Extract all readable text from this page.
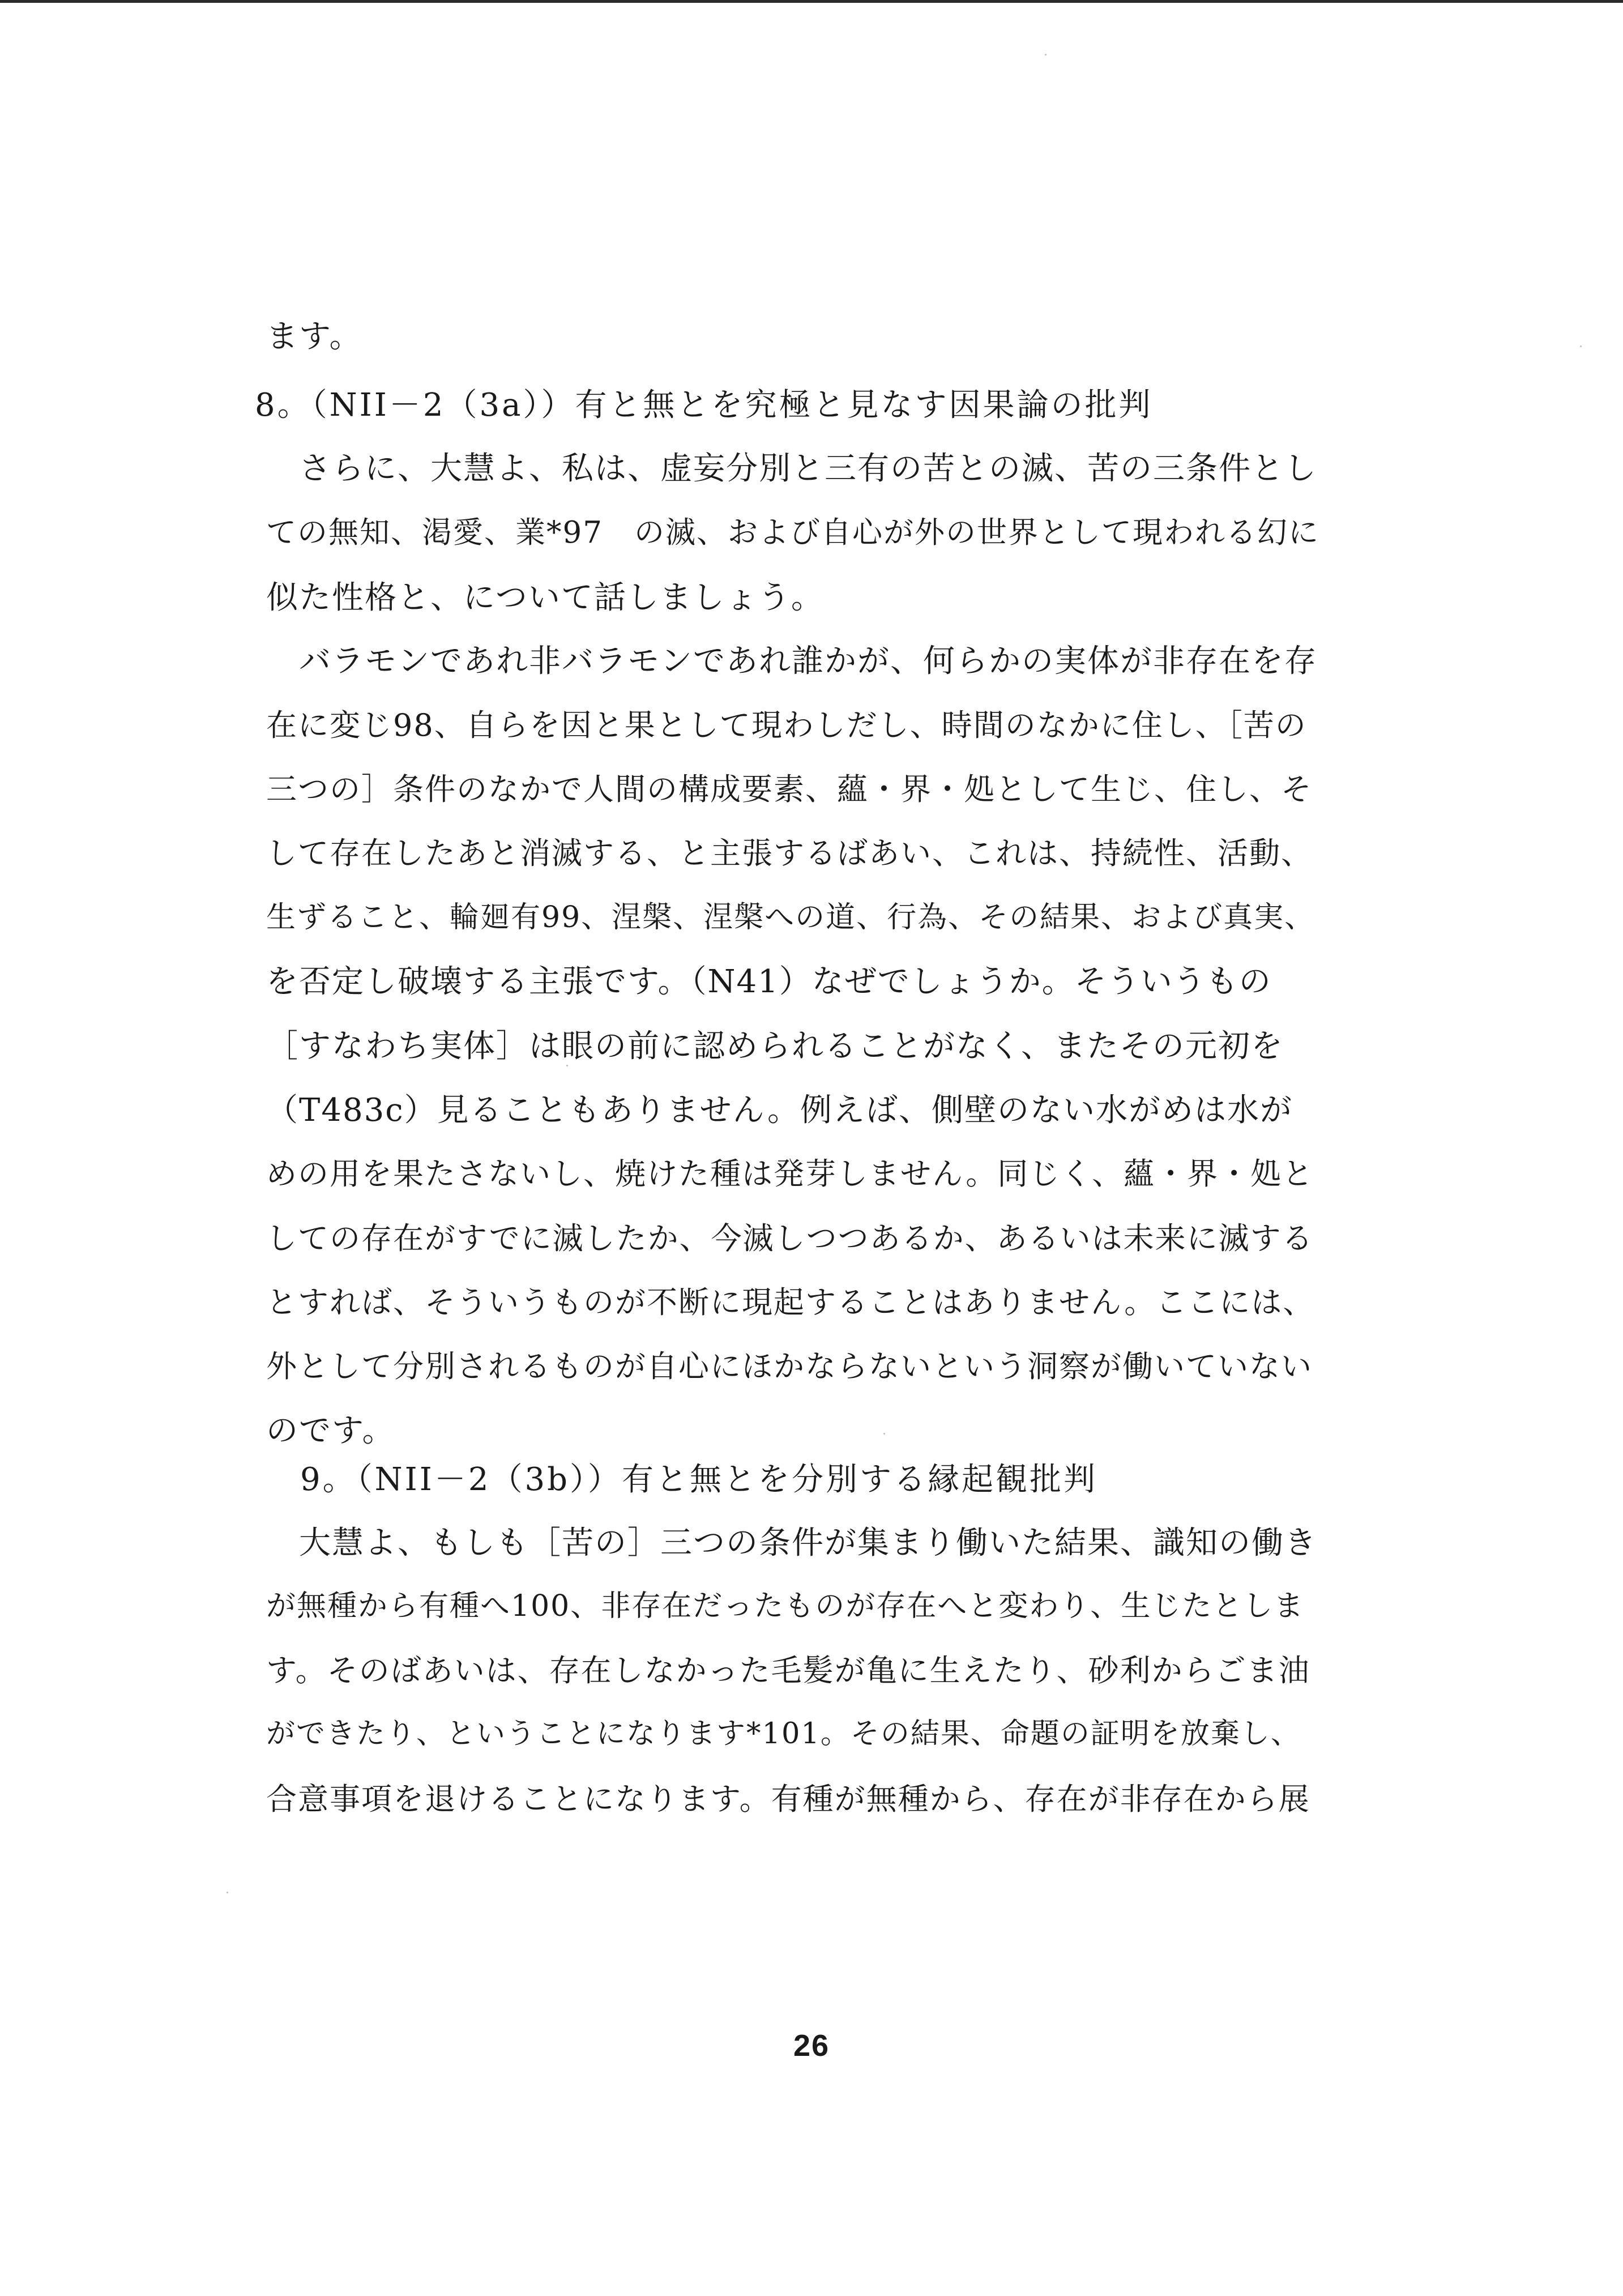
ます。
8。（NII－2（3a））有と無とを究極と見なす因果論の批判
　さらに、大慧よ、私は、虚妄分別と三有の苦との滅、苦の三条件とし
ての無知、渇愛、業*97　の滅、および自心が外の世界として現われる幻に
似た性格と、について話しましょう。
　バラモンであれ非バラモンであれ誰かが、何らかの実体が非存在を存
在に変じ98、自らを因と果として現わしだし、時間のなかに住し、［苦の
三つの］条件のなかで人間の構成要素、蘊・界・処として生じ、住し、そ
して存在したあと消滅する、と主張するばあい、これは、持続性、活動、
生ずること、輪廻有99、涅槃、涅槃への道、行為、その結果、および真実、
を否定し破壊する主張です。（N41）なぜでしょうか。そういうもの
［すなわち実体］は眼の前に認められることがなく、またその元初を
（T483c）見ることもありません。例えば、側壁のない水がめは水が
めの用を果たさないし、焼けた種は発芽しません。同じく、蘊・界・処と
しての存在がすでに滅したか、今滅しつつあるか、あるいは未来に滅する
とすれば、そういうものが不断に現起することはありません。ここには、
外として分別されるものが自心にほかならないという洞察が働いていない
のです。
　9。（NII－2（3b））有と無とを分別する縁起観批判
　大慧よ、もしも［苦の］三つの条件が集まり働いた結果、識知の働き
が無種から有種へ100、非存在だったものが存在へと変わり、生じたとしま
す。そのばあいは、存在しなかった毛髪が亀に生えたり、砂利からごま油
ができたり、ということになります*101。その結果、命題の証明を放棄し、
合意事項を退けることになります。有種が無種から、存在が非存在から展
26
